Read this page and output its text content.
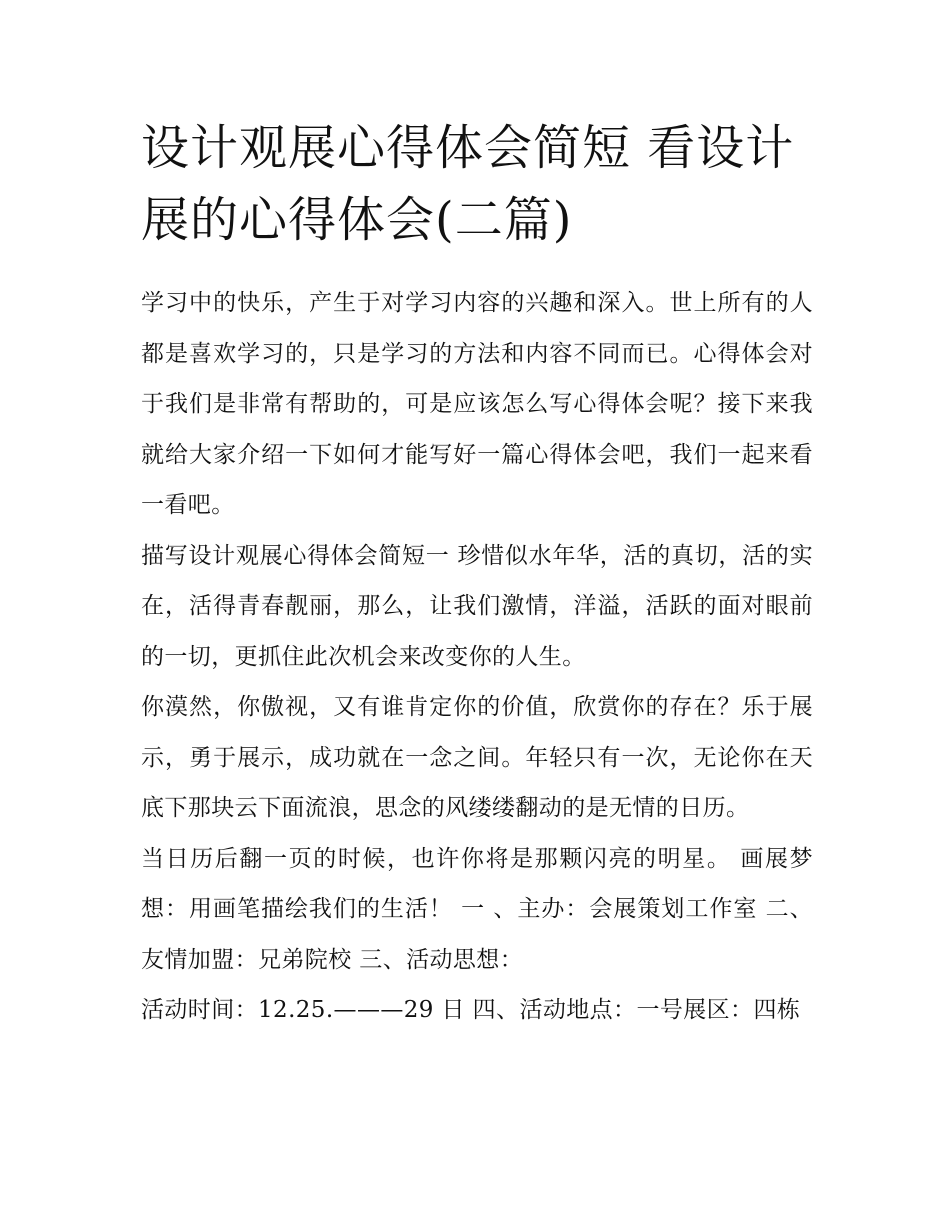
设计观展心得体会简短 看设计展的心得体会(二篇)

学习中的快乐，产生于对学习内容的兴趣和深入。世上所有的人都是喜欢学习的，只是学习的方法和内容不同而已。心得体会对于我们是非常有帮助的，可是应该怎么写心得体会呢？接下来我就给大家介绍一下如何才能写好一篇心得体会吧，我们一起来看一看吧。

描写设计观展心得体会简短一 珍惜似水年华，活的真切，活的实在，活得青春靓丽，那么，让我们激情，洋溢，活跃的面对眼前的一切，更抓住此次机会来改变你的人生。

你漠然，你傲视，又有谁肯定你的价值，欣赏你的存在？乐于展示，勇于展示，成功就在一念之间。年轻只有一次，无论你在天底下那块云下面流浪，思念的风缕缕翻动的是无情的日历。

当日历后翻一页的时候，也许你将是那颗闪亮的明星。 画展梦想：用画笔描绘我们的生活！ 一 、主办：会展策划工作室 二、友情加盟：兄弟院校 三、活动思想：

活动时间：12.25.———29 日 四、活动地点：一号展区：四栋
